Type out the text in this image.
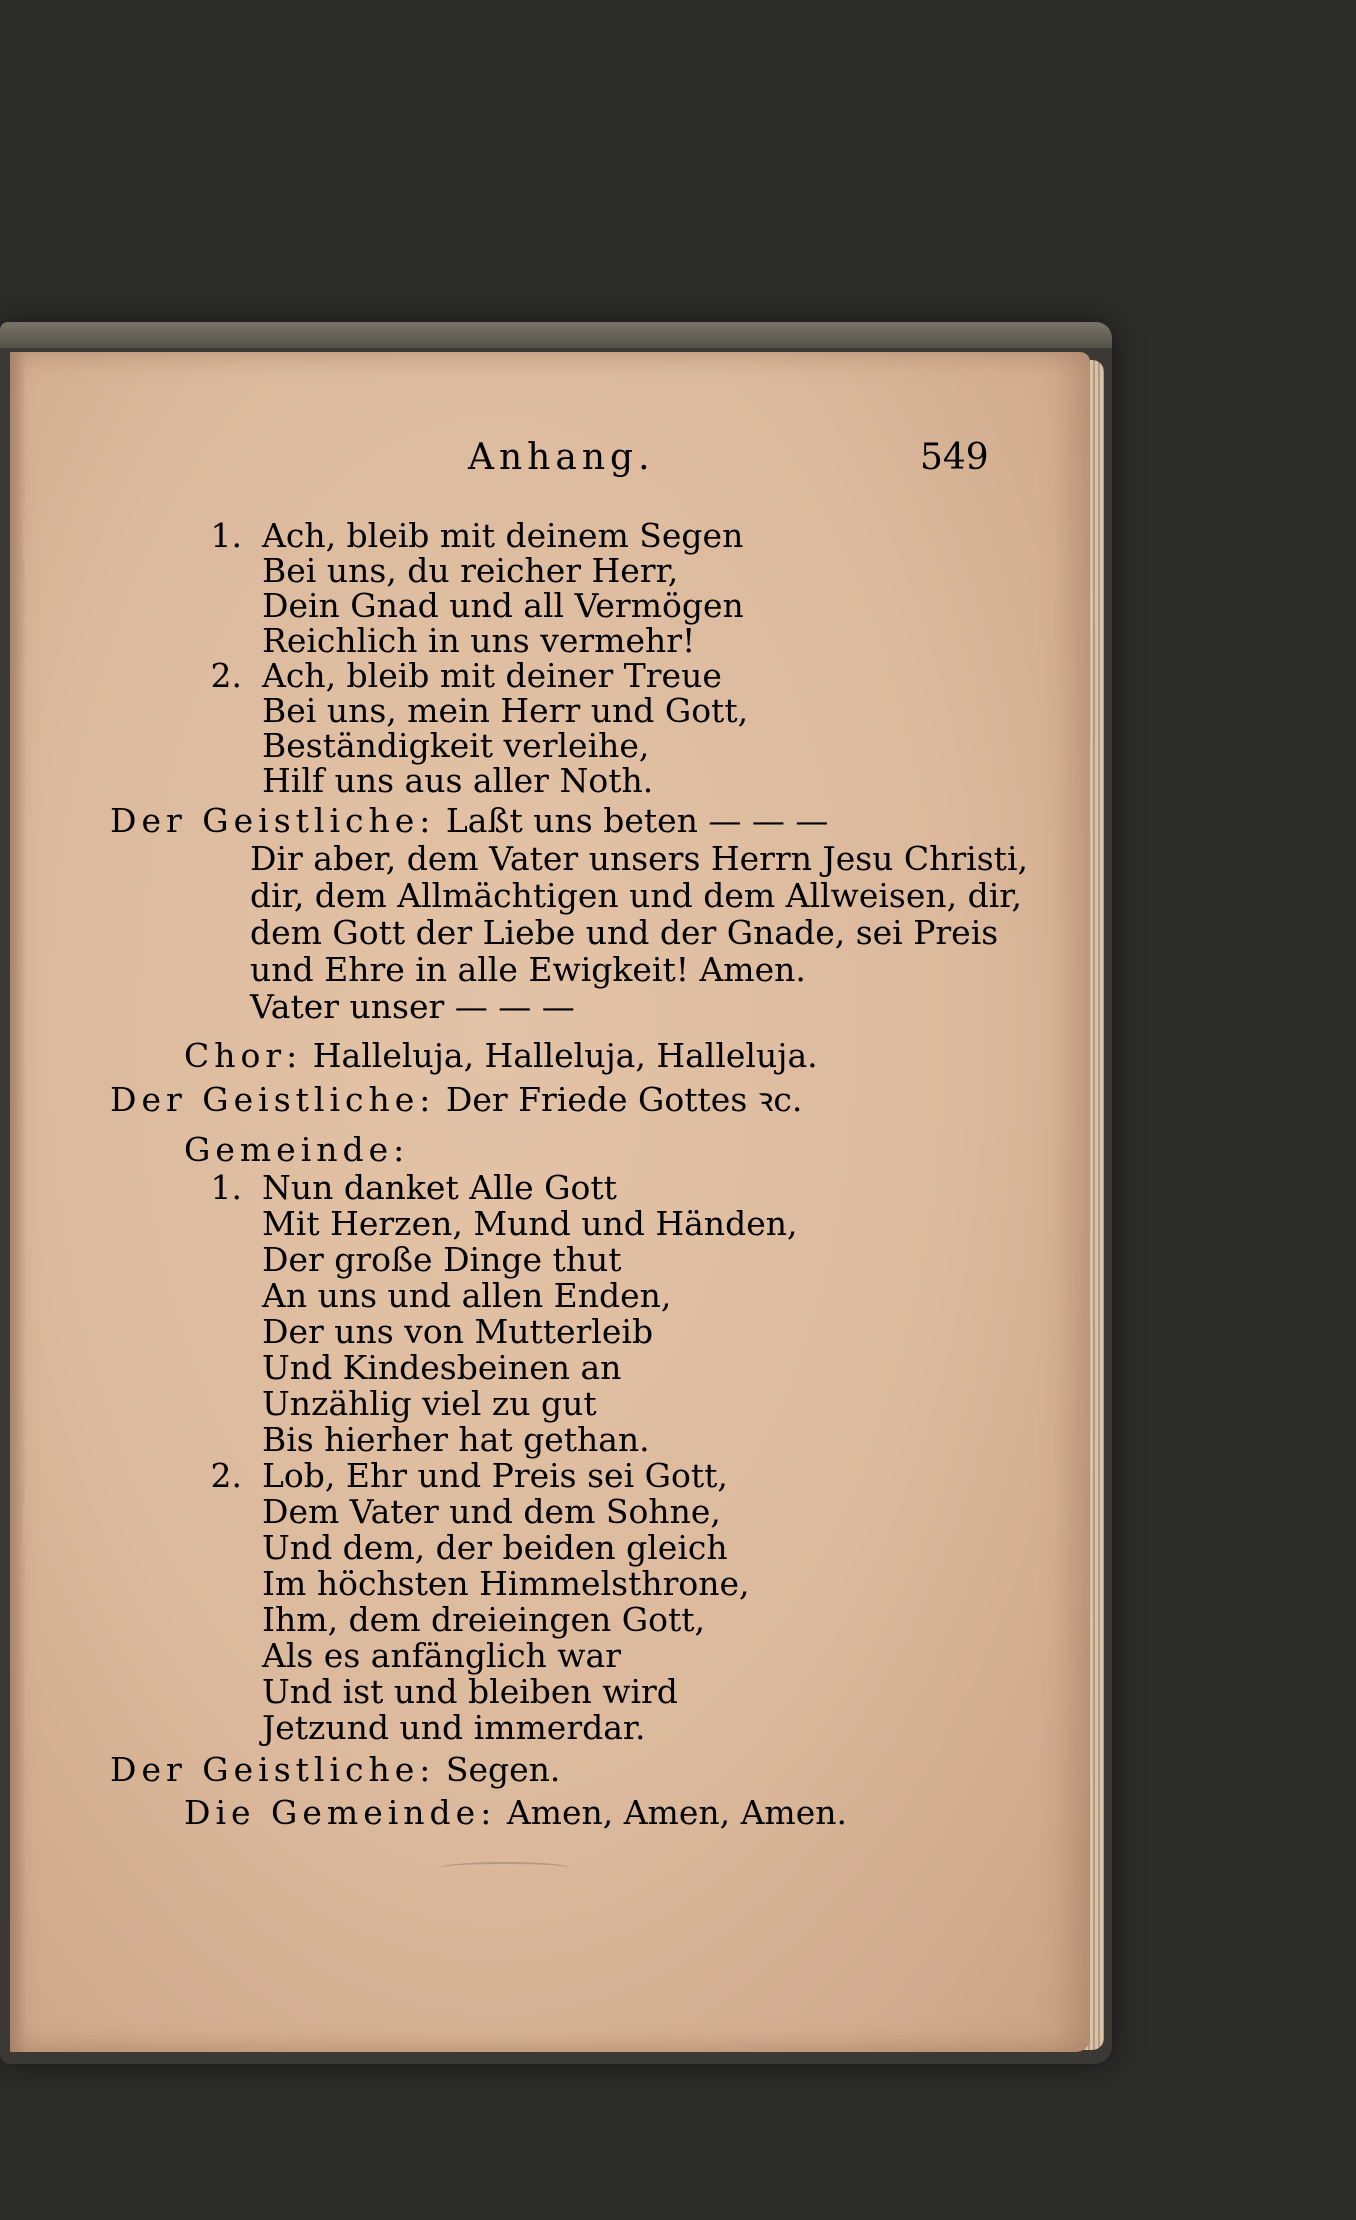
Anhang.	549
1. Ach, bleib mit deinem Segen
Bei uns, du reicher Herr,
Dein Gnad und all Vermögen
Reichlich in uns vermehr!
2. Ach, bleib mit deiner Treue
Bei uns, mein Herr und Gott,
Beständigkeit verleihe,
Hilf uns aus aller Noth.
Der Geistliche: Laßt uns beten — — —
Dir aber, dem Vater unsers Herrn Jesu Christi,
dir, dem Allmächtigen und dem Allweisen, dir,
dem Gott der Liebe und der Gnade, sei Preis
und Ehre in alle Ewigkeit! Amen.
Vater unser — — —
Chor: Halleluja, Halleluja, Halleluja.
Der Geistliche: Der Friede Gottes ꝛc.
Gemeinde:
1. Nun danket Alle Gott
Mit Herzen, Mund und Händen,
Der große Dinge thut
An uns und allen Enden,
Der uns von Mutterleib
Und Kindesbeinen an
Unzählig viel zu gut
Bis hierher hat gethan.
2. Lob, Ehr und Preis sei Gott,
Dem Vater und dem Sohne,
Und dem, der beiden gleich
Im höchsten Himmelsthrone,
Ihm, dem dreieingen Gott,
Als es anfänglich war
Und ist und bleiben wird
Jetzund und immerdar.
Der Geistliche: Segen.
Die Gemeinde: Amen, Amen, Amen.
